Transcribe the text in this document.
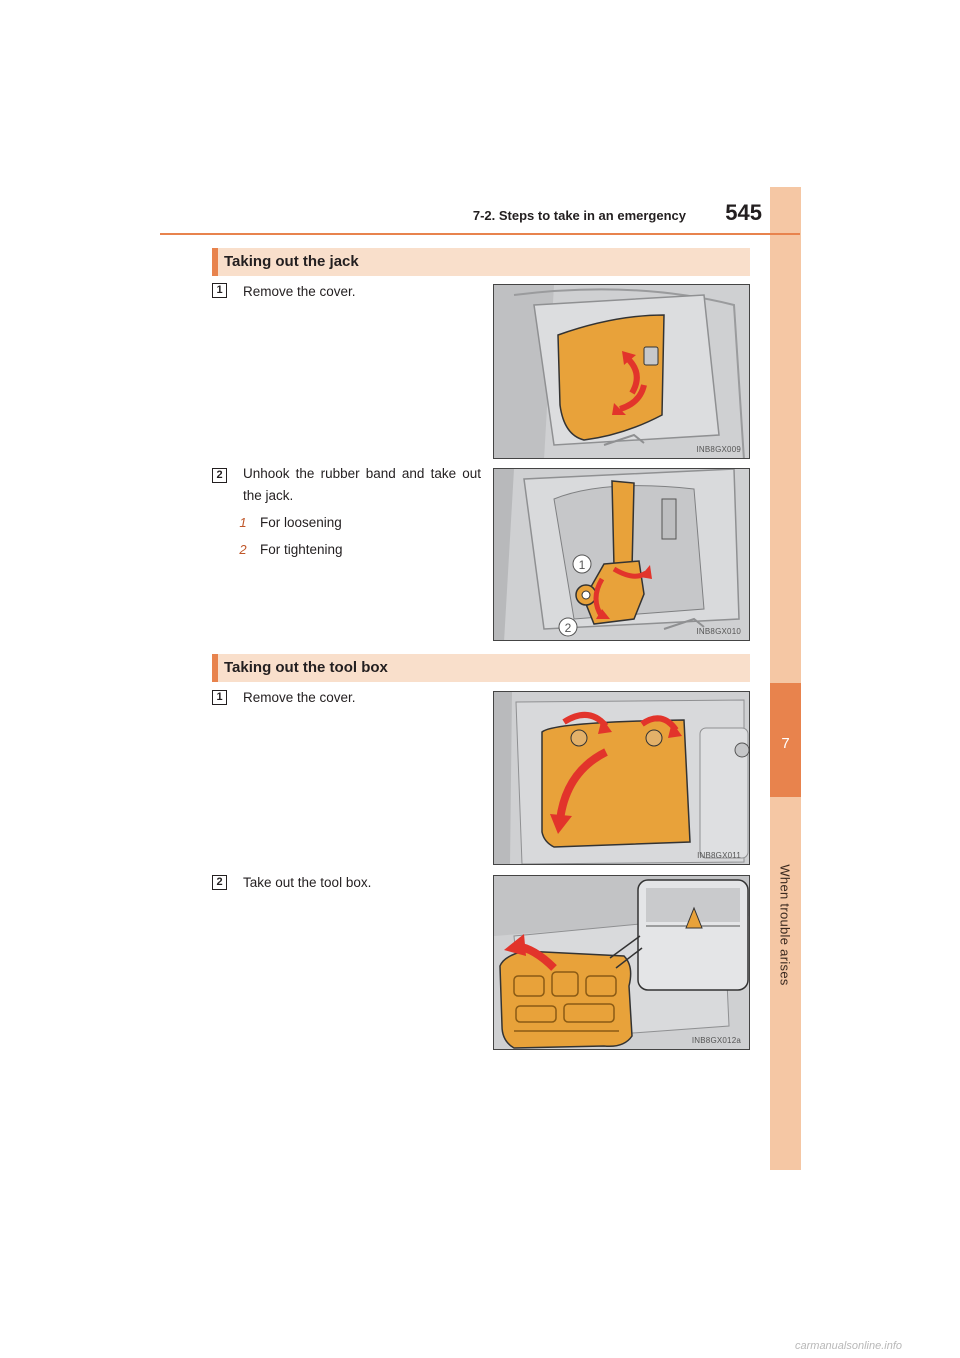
7
When trouble arises
7-2. Steps to take in an emergency	545
Taking out the jack
1	Remove the cover.
INB8GX009
2	Unhook the rubber band and take out the jack.
1 For loosening
2 For tightening
1
2	INB8GX010
Taking out the tool box
1	Remove the cover.
INB8GX011
2	Take out the tool box.
INB8GX012a
carmanualsonline.info
